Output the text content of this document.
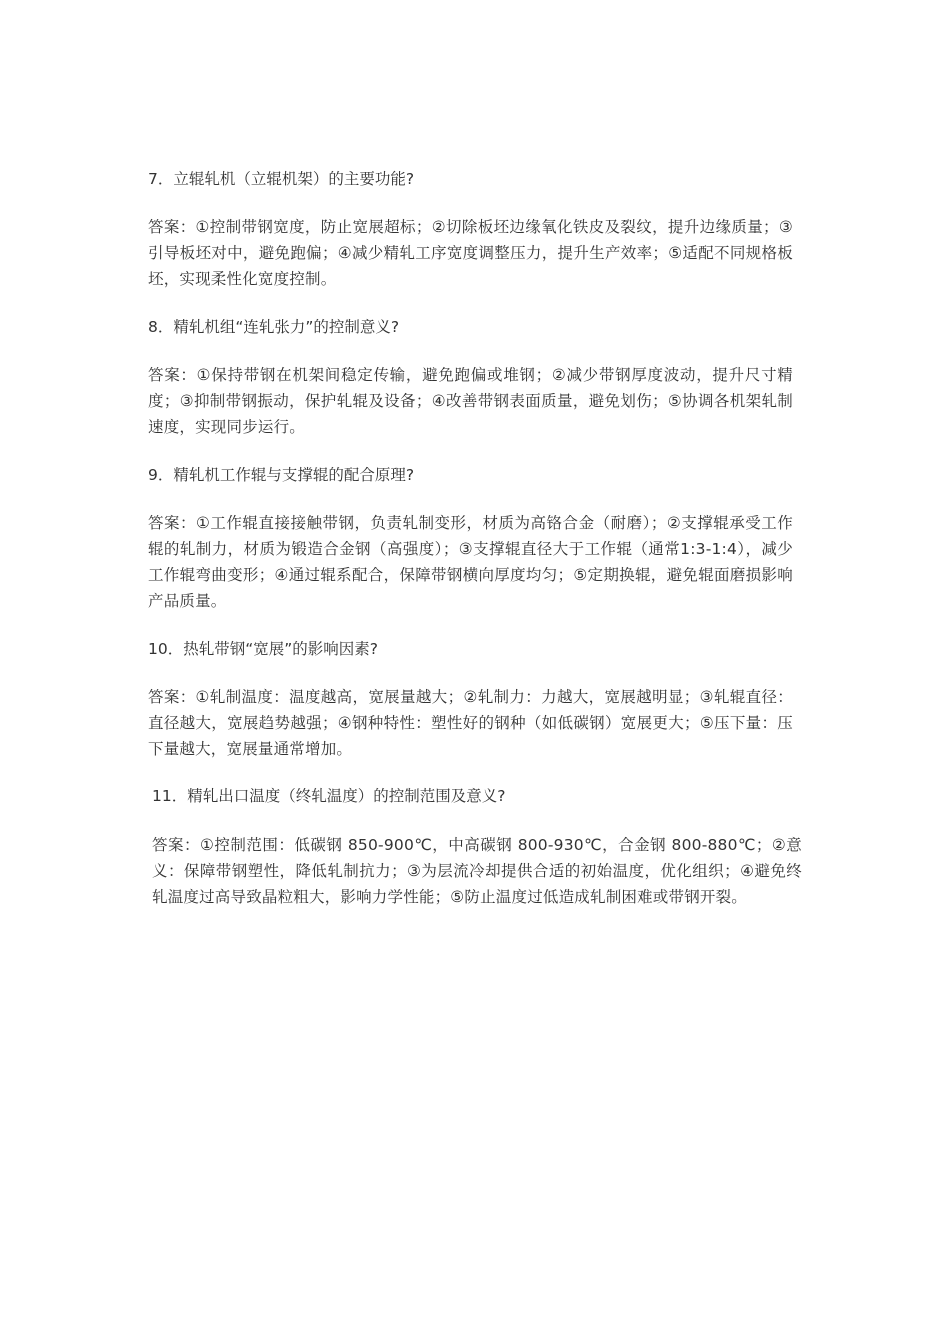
7．立辊轧机（立辊机架）的主要功能?
答案：①控制带钢宽度，防止宽展超标；②切除板坯边缘氧化铁皮及裂纹，提升边缘质量；③引导板坯对中，避免跑偏；④减少精轧工序宽度调整压力，提升生产效率；⑤适配不同规格板坯，实现柔性化宽度控制。
8．精轧机组“连轧张力”的控制意义?
答案：①保持带钢在机架间稳定传输，避免跑偏或堆钢；②减少带钢厚度波动，提升尺寸精度；③抑制带钢振动，保护轧辊及设备；④改善带钢表面质量，避免划伤；⑤协调各机架轧制速度，实现同步运行。
9．精轧机工作辊与支撑辊的配合原理?
答案：①工作辊直接接触带钢，负责轧制变形，材质为高铬合金（耐磨）；②支撑辊承受工作辊的轧制力，材质为锻造合金钢（高强度）；③支撑辊直径大于工作辊（通常1:3-1:4），减少工作辊弯曲变形；④通过辊系配合，保障带钢横向厚度均匀；⑤定期换辊，避免辊面磨损影响产品质量。
10．热轧带钢“宽展”的影响因素?
答案：①轧制温度：温度越高，宽展量越大；②轧制力：力越大，宽展越明显；③轧辊直径：直径越大，宽展趋势越强；④钢种特性：塑性好的钢种（如低碳钢）宽展更大；⑤压下量：压下量越大，宽展量通常增加。
11．精轧出口温度（终轧温度）的控制范围及意义?
答案：①控制范围：低碳钢 850-900℃，中高碳钢 800-930℃，合金钢 800-880℃；②意义：保障带钢塑性，降低轧制抗力；③为层流冷却提供合适的初始温度，优化组织；④避免终轧温度过高导致晶粒粗大，影响力学性能；⑤防止温度过低造成轧制困难或带钢开裂。
